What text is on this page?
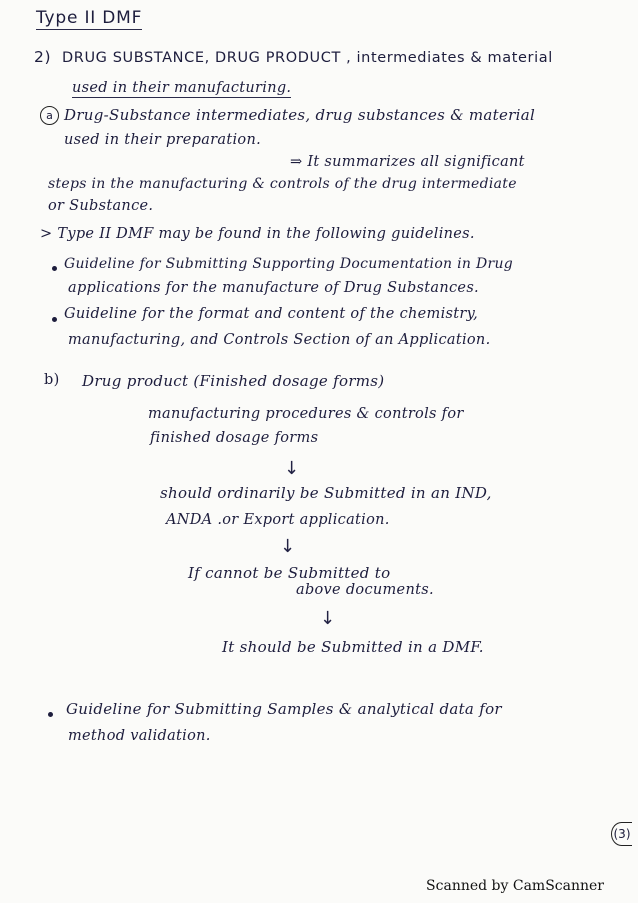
Type II DMF
2) DRUG SUBSTANCE, DRUG PRODUCT , intermediates & material
used in their manufacturing.
a Drug-Substance intermediates, drug substances & material
used in their preparation.
⇒ It summarizes all significant
steps in the manufacturing & controls of the drug intermediate
or Substance.
> Type II DMF may be found in the following guidelines.
Guideline for Submitting Supporting Documentation in Drug
applications for the manufacture of Drug Substances.
Guideline for the format and content of the chemistry,
manufacturing, and Controls Section of an Application.
b) Drug product (Finished dosage forms)
manufacturing procedures & controls for
finished dosage forms
↓
should ordinarily be Submitted in an IND,
ANDA .or Export application.
↓
If cannot be Submitted to
above documents.
↓
It should be Submitted in a DMF.
Guideline for Submitting Samples & analytical data for
method validation.
(3)
Scanned by CamScanner
